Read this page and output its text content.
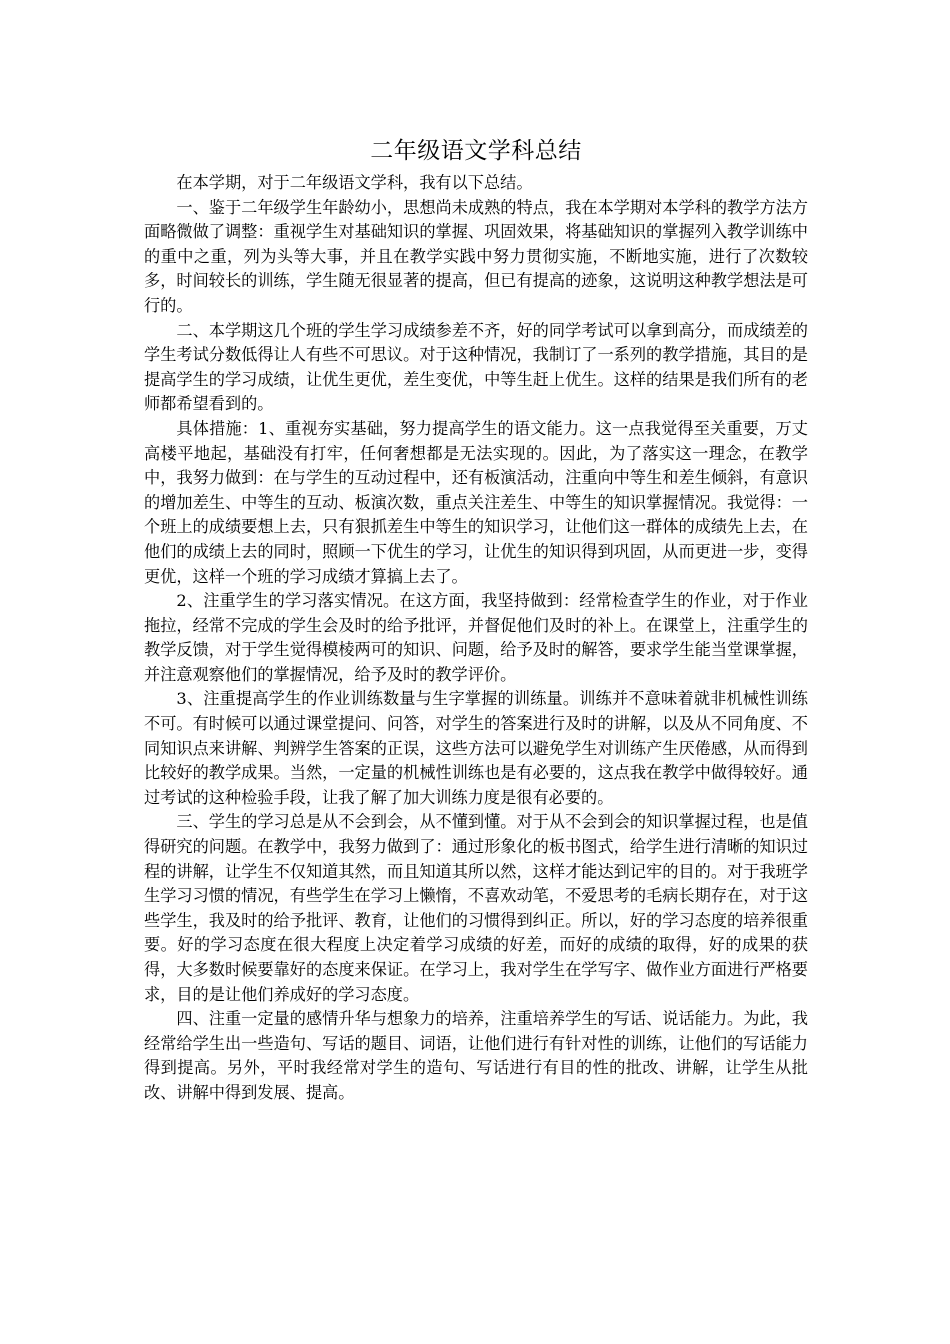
二年级语文学科总结

在本学期，对于二年级语文学科，我有以下总结。

一、鉴于二年级学生年龄幼小，思想尚未成熟的特点，我在本学期对本学科的教学方法方面略微做了调整：重视学生对基础知识的掌握、巩固效果，将基础知识的掌握列入教学训练中的重中之重，列为头等大事，并且在教学实践中努力贯彻实施，不断地实施，进行了次数较多，时间较长的训练，学生随无很显著的提高，但已有提高的迹象，这说明这种教学想法是可行的。

二、本学期这几个班的学生学习成绩参差不齐，好的同学考试可以拿到高分，而成绩差的学生考试分数低得让人有些不可思议。对于这种情况，我制订了一系列的教学措施，其目的是提高学生的学习成绩，让优生更优，差生变优，中等生赶上优生。这样的结果是我们所有的老师都希望看到的。

具体措施：1、重视夯实基础，努力提高学生的语文能力。这一点我觉得至关重要，万丈高楼平地起，基础没有打牢，任何奢想都是无法实现的。因此，为了落实这一理念，在教学中，我努力做到：在与学生的互动过程中，还有板演活动，注重向中等生和差生倾斜，有意识的增加差生、中等生的互动、板演次数，重点关注差生、中等生的知识掌握情况。我觉得：一个班上的成绩要想上去，只有狠抓差生中等生的知识学习，让他们这一群体的成绩先上去，在他们的成绩上去的同时，照顾一下优生的学习，让优生的知识得到巩固，从而更进一步，变得更优，这样一个班的学习成绩才算搞上去了。

2、注重学生的学习落实情况。在这方面，我坚持做到：经常检查学生的作业，对于作业拖拉，经常不完成的学生会及时的给予批评，并督促他们及时的补上。在课堂上，注重学生的教学反馈，对于学生觉得模棱两可的知识、问题，给予及时的解答，要求学生能当堂课掌握，并注意观察他们的掌握情况，给予及时的教学评价。

3、注重提高学生的作业训练数量与生字掌握的训练量。训练并不意味着就非机械性训练不可。有时候可以通过课堂提问、问答，对学生的答案进行及时的讲解，以及从不同角度、不同知识点来讲解、判辨学生答案的正误，这些方法可以避免学生对训练产生厌倦感，从而得到比较好的教学成果。当然，一定量的机械性训练也是有必要的，这点我在教学中做得较好。通过考试的这种检验手段，让我了解了加大训练力度是很有必要的。

三、学生的学习总是从不会到会，从不懂到懂。对于从不会到会的知识掌握过程，也是值得研究的问题。在教学中，我努力做到了：通过形象化的板书图式，给学生进行清晰的知识过程的讲解，让学生不仅知道其然，而且知道其所以然，这样才能达到记牢的目的。对于我班学生学习习惯的情况，有些学生在学习上懒惰，不喜欢动笔，不爱思考的毛病长期存在，对于这些学生，我及时的给予批评、教育，让他们的习惯得到纠正。所以，好的学习态度的培养很重要。好的学习态度在很大程度上决定着学习成绩的好差，而好的成绩的取得，好的成果的获得，大多数时候要靠好的态度来保证。在学习上，我对学生在学写字、做作业方面进行严格要求，目的是让他们养成好的学习态度。

四、注重一定量的感情升华与想象力的培养，注重培养学生的写话、说话能力。为此，我经常给学生出一些造句、写话的题目、词语，让他们进行有针对性的训练，让他们的写话能力得到提高。另外，平时我经常对学生的造句、写话进行有目的性的批改、讲解，让学生从批改、讲解中得到发展、提高。
